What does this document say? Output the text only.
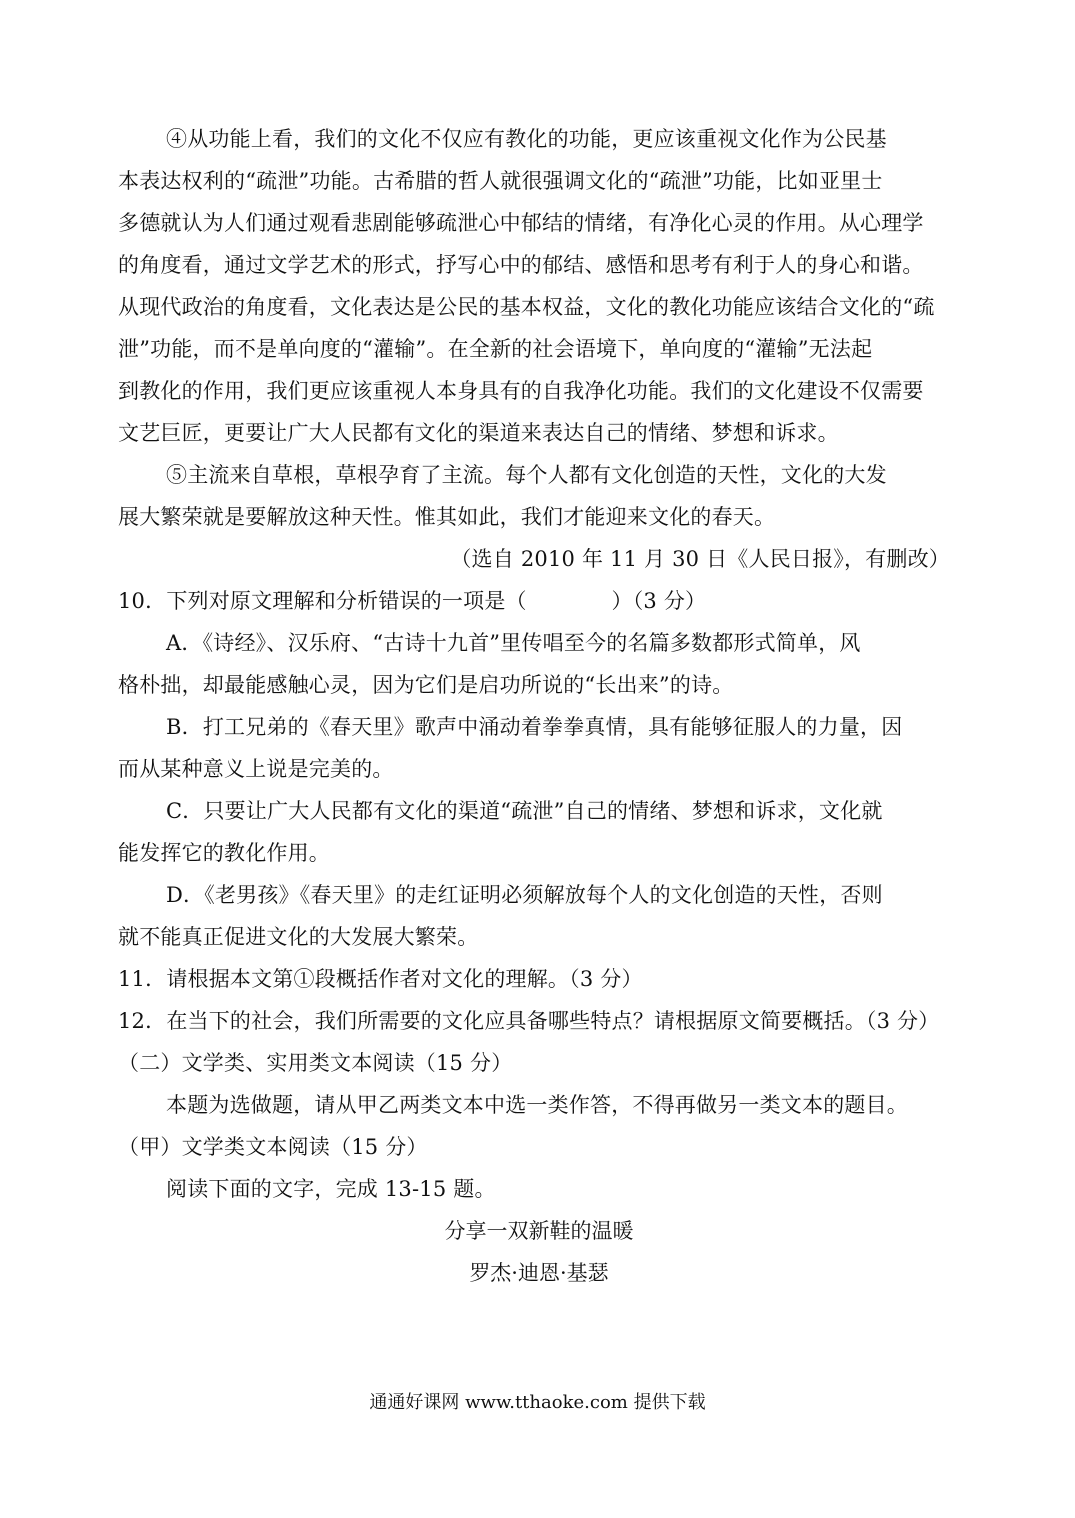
④从功能上看，我们的文化不仅应有教化的功能，更应该重视文化作为公民基
本表达权利的“疏泄”功能。古希腊的哲人就很强调文化的“疏泄”功能，比如亚里士
多德就认为人们通过观看悲剧能够疏泄心中郁结的情绪，有净化心灵的作用。从心理学
的角度看，通过文学艺术的形式，抒写心中的郁结、感悟和思考有利于人的身心和谐。
从现代政治的角度看，文化表达是公民的基本权益，文化的教化功能应该结合文化的“疏
泄”功能，而不是单向度的“灌输”。在全新的社会语境下，单向度的“灌输”无法起
到教化的作用，我们更应该重视人本身具有的自我净化功能。我们的文化建设不仅需要
文艺巨匠，更要让广大人民都有文化的渠道来表达自己的情绪、梦想和诉求。
⑤主流来自草根，草根孕育了主流。每个人都有文化创造的天性，文化的大发
展大繁荣就是要解放这种天性。惟其如此，我们才能迎来文化的春天。
（选自 2010 年 11 月 30 日《人民日报》，有删改）
10．下列对原文理解和分析错误的一项是（　　　　）（3 分）
A．《诗经》、汉乐府、“古诗十九首”里传唱至今的名篇多数都形式简单，风
格朴拙，却最能感触心灵，因为它们是启功所说的“长出来”的诗。
B．打工兄弟的《春天里》歌声中涌动着拳拳真情，具有能够征服人的力量，因
而从某种意义上说是完美的。
C．只要让广大人民都有文化的渠道“疏泄”自己的情绪、梦想和诉求，文化就
能发挥它的教化作用。
D．《老男孩》《春天里》的走红证明必须解放每个人的文化创造的天性，否则
就不能真正促进文化的大发展大繁荣。
11．请根据本文第①段概括作者对文化的理解。（3 分）
12．在当下的社会，我们所需要的文化应具备哪些特点？请根据原文简要概括。（3 分）
（二）文学类、实用类文本阅读（15 分）
本题为选做题，请从甲乙两类文本中选一类作答，不得再做另一类文本的题目。
（甲）文学类文本阅读（15 分）
阅读下面的文字，完成 13-15 题。
分享一双新鞋的温暖
罗杰·迪恩·基瑟
通通好课网 www.tthaoke.com 提供下载
